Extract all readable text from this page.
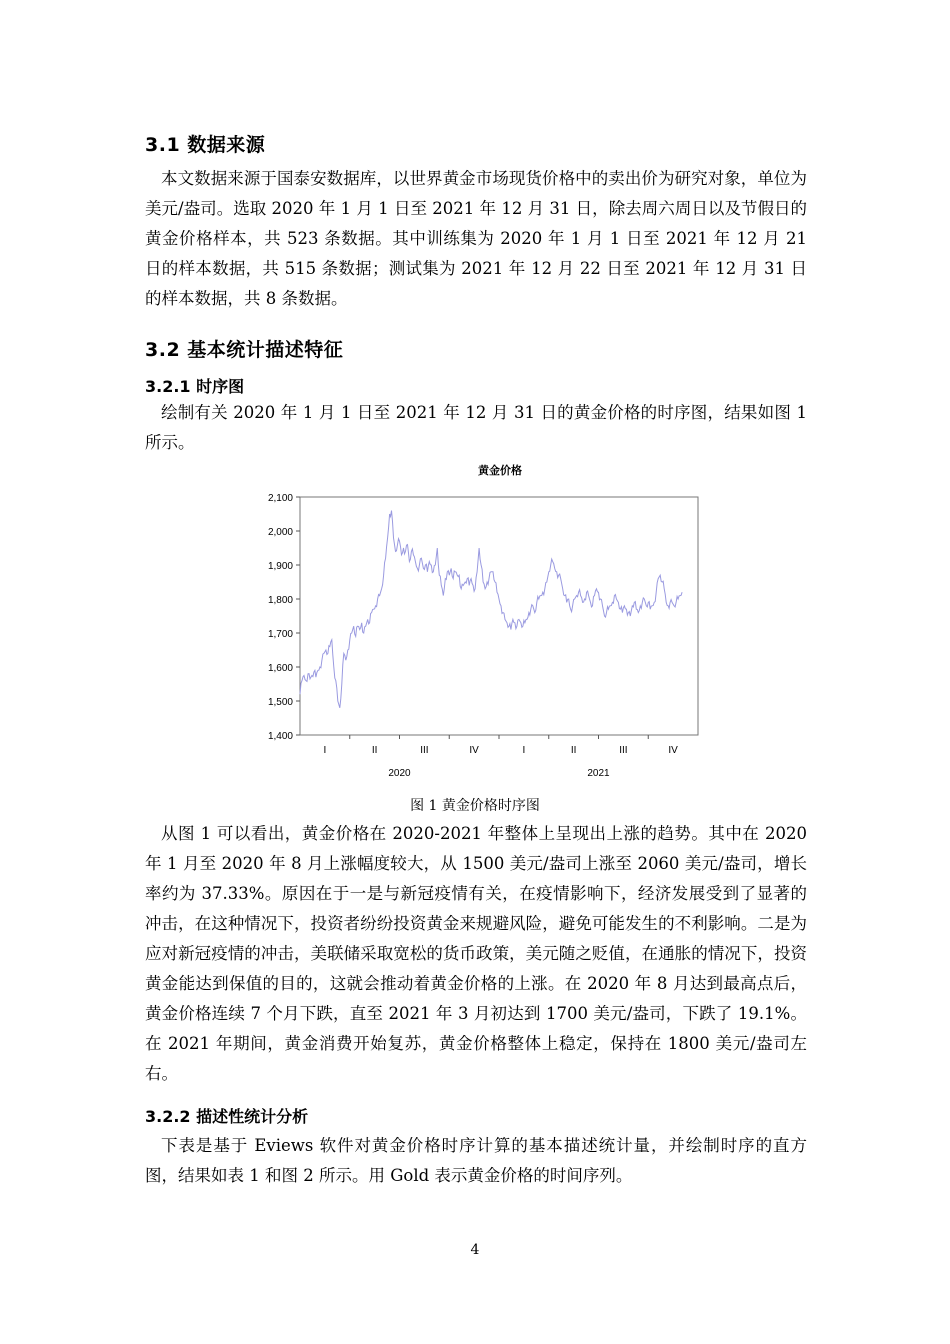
3.1 数据来源

本文数据来源于国泰安数据库，以世界黄金市场现货价格中的卖出价为研究对象，单位为美元/盎司。选取 2020 年 1 月 1 日至 2021 年 12 月 31 日，除去周六周日以及节假日的黄金价格样本，共 523 条数据。其中训练集为 2020 年 1 月 1 日至 2021 年 12 月 21 日的样本数据，共 515 条数据；测试集为 2021 年 12 月 22 日至 2021 年 12 月 31 日的样本数据，共 8 条数据。

3.2 基本统计描述特征
3.2.1 时序图

绘制有关 2020 年 1 月 1 日至 2021 年 12 月 31 日的黄金价格的时序图，结果如图 1 所示。

黄金价格
1,400
1,500
1,600
1,700
1,800
1,900
2,000
2,100
I	II	III	IV	I	II	III	IV
2020	2021

图 1 黄金价格时序图

从图 1 可以看出，黄金价格在 2020-2021 年整体上呈现出上涨的趋势。其中在 2020 年 1 月至 2020 年 8 月上涨幅度较大，从 1500 美元/盎司上涨至 2060 美元/盎司，增长率约为 37.33%。原因在于一是与新冠疫情有关，在疫情影响下，经济发展受到了显著的冲击，在这种情况下，投资者纷纷投资黄金来规避风险，避免可能发生的不利影响。二是为应对新冠疫情的冲击，美联储采取宽松的货币政策，美元随之贬值，在通胀的情况下，投资黄金能达到保值的目的，这就会推动着黄金价格的上涨。在 2020 年 8 月达到最高点后，黄金价格连续 7 个月下跌，直至 2021 年 3 月初达到 1700 美元/盎司，下跌了 19.1%。在 2021 年期间，黄金消费开始复苏，黄金价格整体上稳定，保持在 1800 美元/盎司左右。

3.2.2 描述性统计分析

下表是基于 Eviews 软件对黄金价格时序计算的基本描述统计量，并绘制时序的直方图，结果如表 1 和图 2 所示。用 Gold 表示黄金价格的时间序列。

4
